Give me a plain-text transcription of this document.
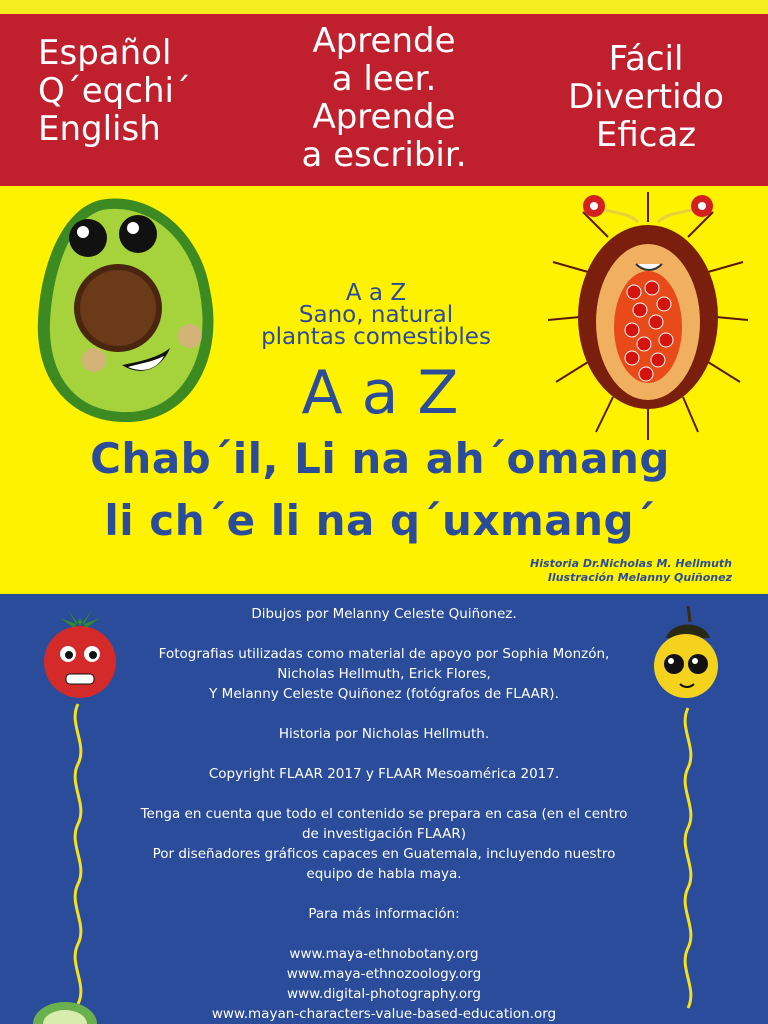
Español
Q´eqchi´
English
Aprende
a leer.
Aprende
a escribir.
Fácil
Divertido
Eficaz
A a Z
Sano, natural
plantas comestibles
A a Z
Chab´il, Li na ah´omang
li ch´e li na q´uxmang´
Historia Dr.Nicholas M. Hellmuth
Ilustración Melanny Quiñonez

Dibujos por Melanny Celeste Quiñonez.

Fotografias utilizadas como material de apoyo por Sophia Monzón,

Nicholas Hellmuth, Erick Flores,

Y Melanny Celeste Quiñonez (fotógrafos de FLAAR).

Historia por Nicholas Hellmuth.

Copyright FLAAR 2017 y FLAAR Mesoamérica 2017.

Tenga en cuenta que todo el contenido se prepara en casa (en el centro

de investigación FLAAR)

Por diseñadores gráficos capaces en Guatemala, incluyendo nuestro

equipo de habla maya.

Para más información:

www.maya-ethnobotany.org

www.maya-ethnozoology.org

www.digital-photography.org

www.mayan-characters-value-based-education.org
